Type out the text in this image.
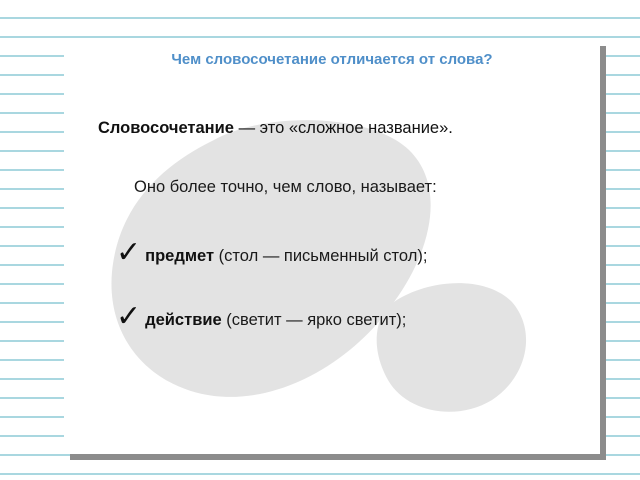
Чем словосочетание отличается от слова?
Словосочетание — это «сложное название».
Оно более точно, чем слово, называет:
✓ предмет (стол — письменный стол);
✓ действие (светит — ярко светит);
